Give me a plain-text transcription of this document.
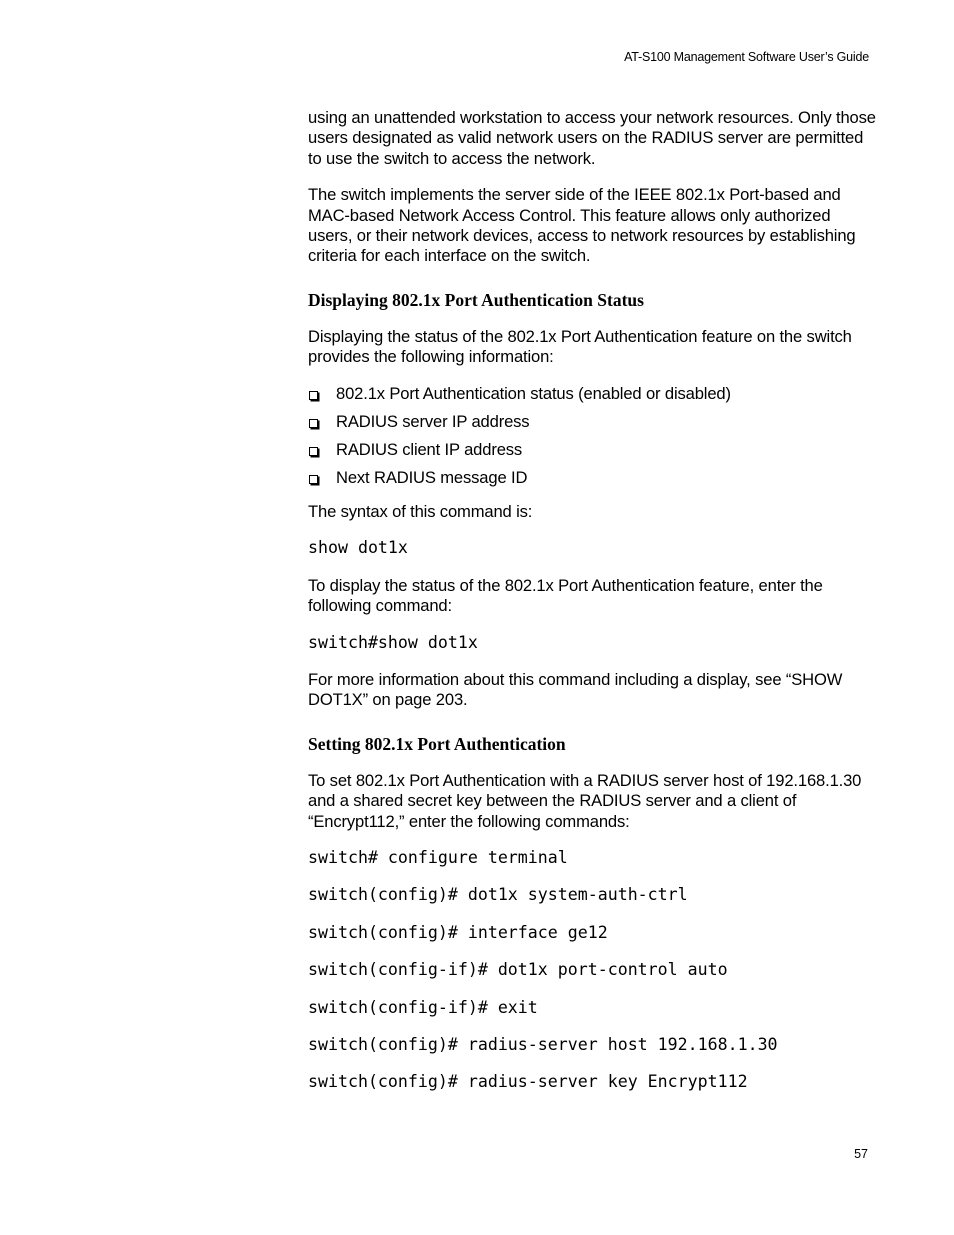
AT-S100 Management Software User’s Guide

using an unattended workstation to access your network resources. Only those users designated as valid network users on the RADIUS server are permitted to use the switch to access the network.

The switch implements the server side of the IEEE 802.1x Port-based and MAC-based Network Access Control. This feature allows only authorized users, or their network devices, access to network resources by establishing criteria for each interface on the switch.

Displaying 802.1x Port Authentication Status

Displaying the status of the 802.1x Port Authentication feature on the switch provides the following information:

802.1x Port Authentication status (enabled or disabled)
RADIUS server IP address
RADIUS client IP address
Next RADIUS message ID

The syntax of this command is:

show dot1x

To display the status of the 802.1x Port Authentication feature, enter the following command:

switch#show dot1x

For more information about this command including a display, see “SHOW DOT1X” on page 203.

Setting 802.1x Port Authentication

To set 802.1x Port Authentication with a RADIUS server host of 192.168.1.30 and a shared secret key between the RADIUS server and a client of “Encrypt112,” enter the following commands:

switch# configure terminal
switch(config)# dot1x system-auth-ctrl
switch(config)# interface ge12
switch(config-if)# dot1x port-control auto
switch(config-if)# exit
switch(config)# radius-server host 192.168.1.30
switch(config)# radius-server key Encrypt112
57
